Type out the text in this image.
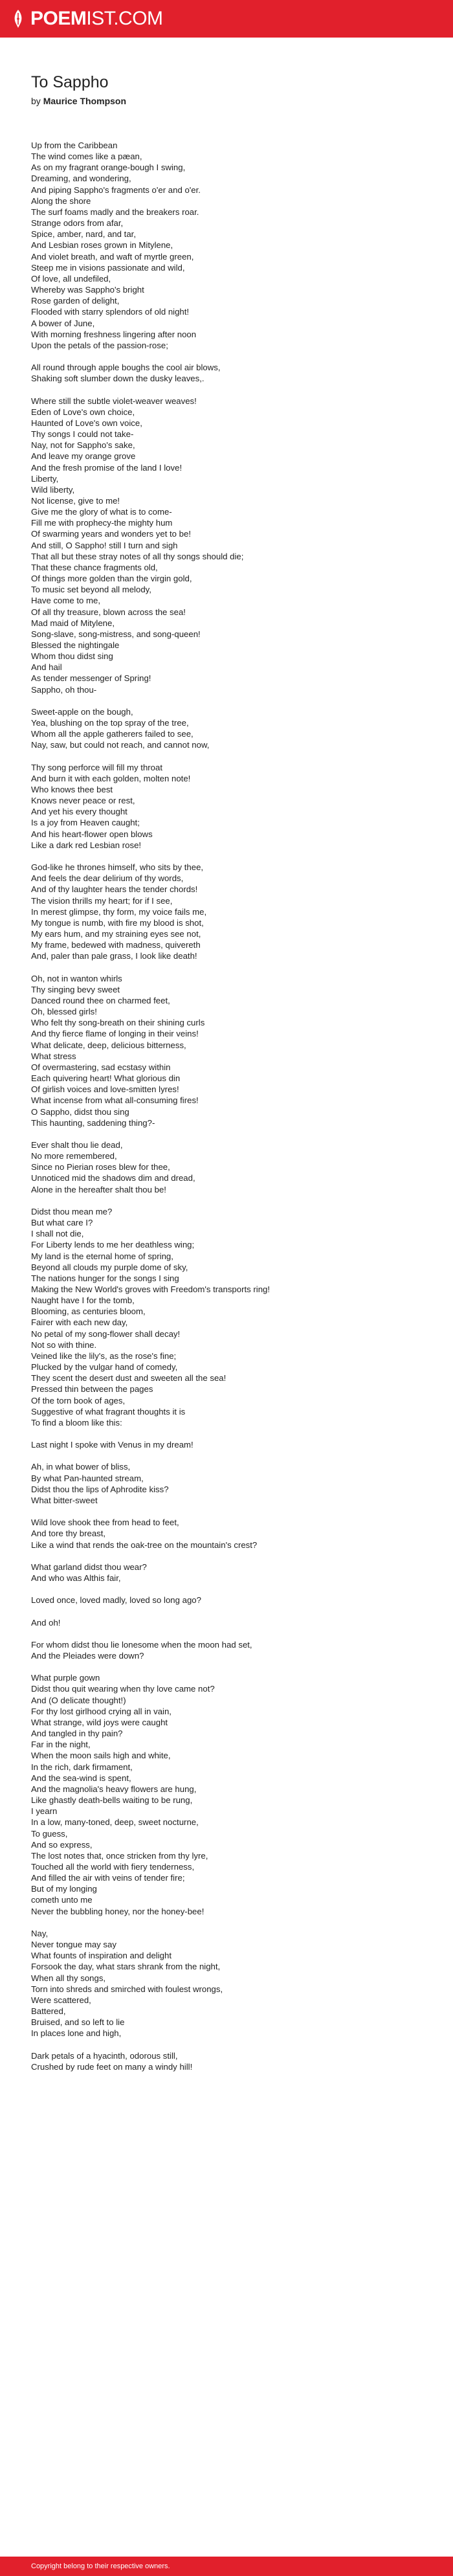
POEMIST.COM
To Sappho
by Maurice Thompson
Up from the Caribbean
The wind comes like a pæan,
As on my fragrant orange-bough I swing,
Dreaming, and wondering,
And piping Sappho's fragments o'er and o'er.
Along the shore
The surf foams madly and the breakers roar.
Strange odors from afar,
Spice, amber, nard, and tar,
And Lesbian roses grown in Mitylene,
And violet breath, and waft of myrtle green,
Steep me in visions passionate and wild,
Of love, all undefiled,
Whereby was Sappho's bright
Rose garden of delight,
Flooded with starry splendors of old night!
A bower of June,
With morning freshness lingering after noon
Upon the petals of the passion-rose;
All round through apple boughs the cool air blows,
Shaking soft slumber down the dusky leaves,.
Where still the subtle violet-weaver weaves!
Eden of Love's own choice,
Haunted of Love's own voice,
Thy songs I could not take-
Nay, not for Sappho's sake,
And leave my orange grove
And the fresh promise of the land I love!
Liberty,
Wild liberty,
Not license, give to me!
Give me the glory of what is to come-
Fill me with prophecy-the mighty hum
Of swarming years and wonders yet to be!
And still, O Sappho! still I turn and sigh
That all but these stray notes of all thy songs should die;
That these chance fragments old,
Of things more golden than the virgin gold,
To music set beyond all melody,
Have come to me,
Of all thy treasure, blown across the sea!
Mad maid of Mitylene,
Song-slave, song-mistress, and song-queen!
Blessed the nightingale
Whom thou didst sing
And hail
As tender messenger of Spring!
Sappho, oh thou-
Sweet-apple on the bough,
Yea, blushing on the top spray of the tree,
Whom all the apple gatherers failed to see,
Nay, saw, but could not reach, and cannot now,
Thy song perforce will fill my throat
And burn it with each golden, molten note!
Who knows thee best
Knows never peace or rest,
And yet his every thought
Is a joy from Heaven caught;
And his heart-flower open blows
Like a dark red Lesbian rose!
God-like he thrones himself, who sits by thee,
And feels the dear delirium of thy words,
And of thy laughter hears the tender chords!
The vision thrills my heart; for if I see,
In merest glimpse, thy form, my voice fails me,
My tongue is numb, with fire my blood is shot,
My ears hum, and my straining eyes see not,
My frame, bedewed with madness, quivereth
And, paler than pale grass, I look like death!
Oh, not in wanton whirls
Thy singing bevy sweet
Danced round thee on charmed feet,
Oh, blessed girls!
Who felt thy song-breath on their shining curls
And thy fierce flame of longing in their veins!
What delicate, deep, delicious bitterness,
What stress
Of overmastering, sad ecstasy within
Each quivering heart! What glorious din
Of girlish voices and love-smitten lyres!
What incense from what all-consuming fires!
O Sappho, didst thou sing
This haunting, saddening thing?-
Ever shalt thou lie dead,
No more remembered,
Since no Pierian roses blew for thee,
Unnoticed mid the shadows dim and dread,
Alone in the hereafter shalt thou be!
Didst thou mean me?
But what care I?
I shall not die,
For Liberty lends to me her deathless wing;
My land is the eternal home of spring,
Beyond all clouds my purple dome of sky,
The nations hunger for the songs I sing
Making the New World's groves with Freedom's transports ring!
Naught have I for the tomb,
Blooming, as centuries bloom,
Fairer with each new day,
No petal of my song-flower shall decay!
Not so with thine.
Veined like the lily's, as the rose's fine;
Plucked by the vulgar hand of comedy,
They scent the desert dust and sweeten all the sea!
Pressed thin between the pages
Of the torn book of ages,
Suggestive of what fragrant thoughts it is
To find a bloom like this:
Last night I spoke with Venus in my dream!
Ah, in what bower of bliss,
By what Pan-haunted stream,
Didst thou the lips of Aphrodite kiss?
What bitter-sweet
Wild love shook thee from head to feet,
And tore thy breast,
Like a wind that rends the oak-tree on the mountain's crest?
What garland didst thou wear?
And who was Althis fair,
Loved once, loved madly, loved so long ago?
And oh!
For whom didst thou lie lonesome when the moon had set,
And the Pleiades were down?
What purple gown
Didst thou quit wearing when thy love came not?
And (O delicate thought!)
For thy lost girlhood crying all in vain,
What strange, wild joys were caught
And tangled in thy pain?
Far in the night,
When the moon sails high and white,
In the rich, dark firmament,
And the sea-wind is spent,
And the magnolia's heavy flowers are hung,
Like ghastly death-bells waiting to be rung,
I yearn
In a low, many-toned, deep, sweet nocturne,
To guess,
And so express,
The lost notes that, once stricken from thy lyre,
Touched all the world with fiery tenderness,
And filled the air with veins of tender fire;
But of my longing
cometh unto me
Never the bubbling honey, nor the honey-bee!
Nay,
Never tongue may say
What founts of inspiration and delight
Forsook the day, what stars shrank from the night,
When all thy songs,
Torn into shreds and smirched with foulest wrongs,
Were scattered,
Battered,
Bruised, and so left to lie
In places lone and high,
Dark petals of a hyacinth, odorous still,
Crushed by rude feet on many a windy hill!
Copyright belong to their respective owners.
